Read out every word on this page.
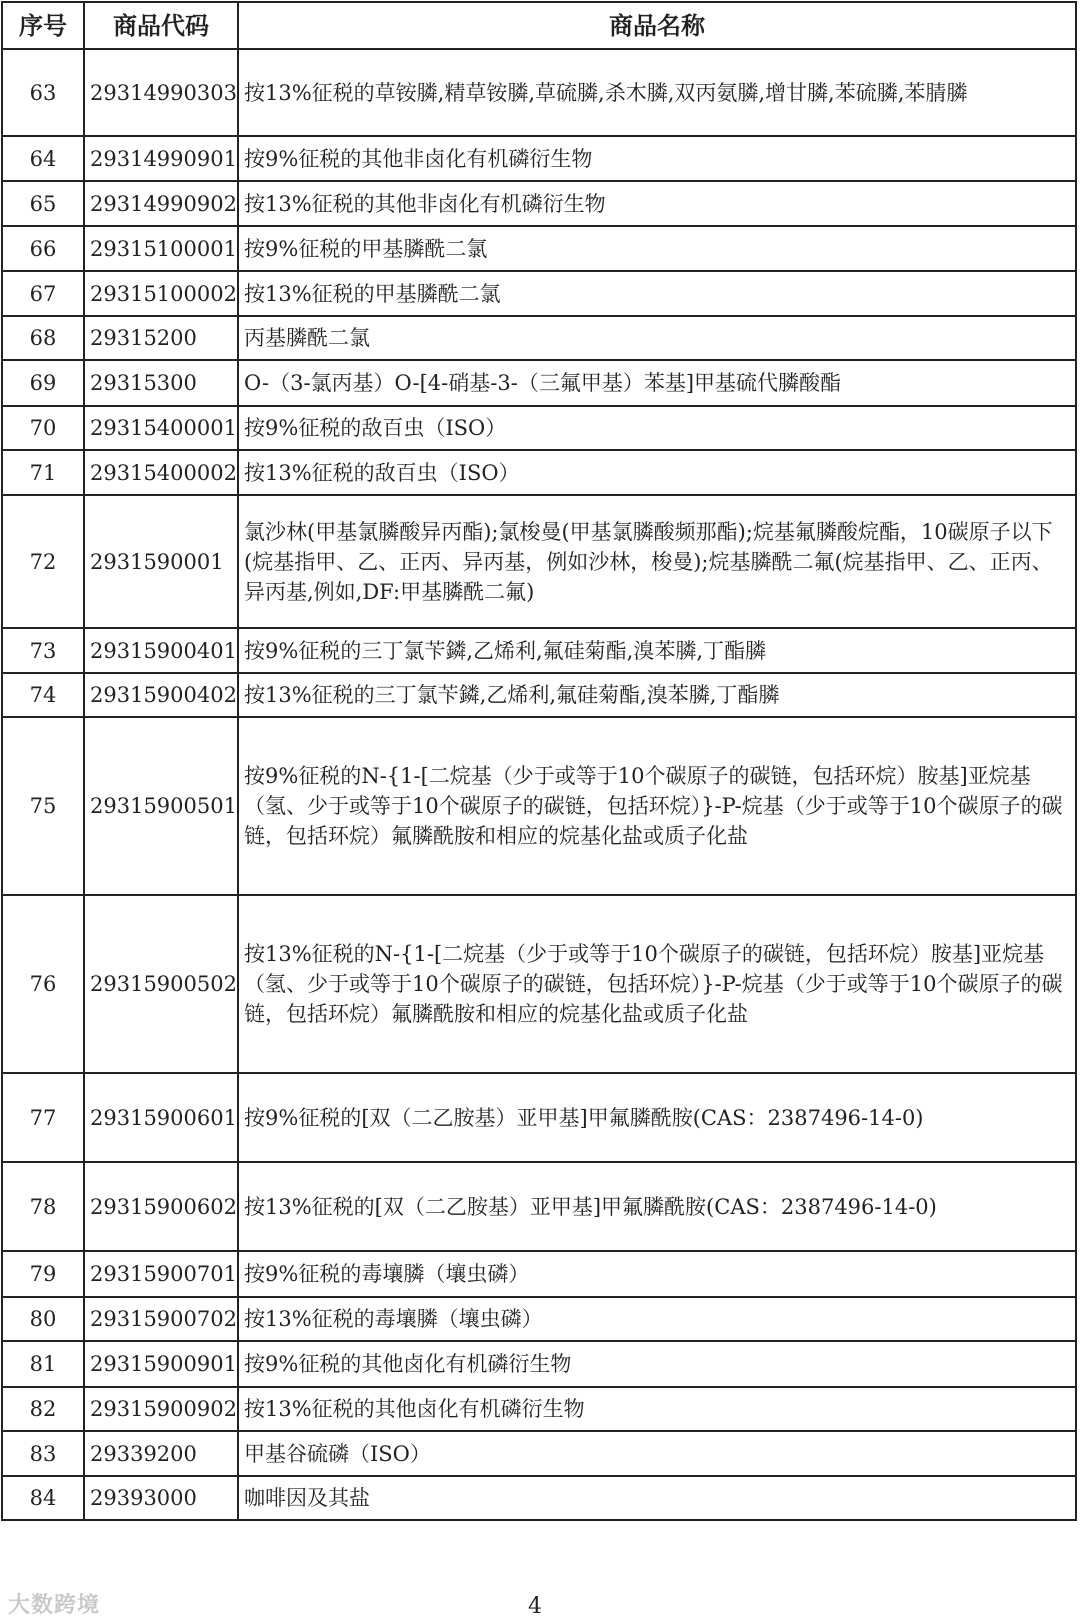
序号	商品代码	商品名称
63	29314990303	按13%征税的草铵膦,精草铵膦,草硫膦,杀木膦,双丙氨膦,增甘膦,苯硫膦,苯腈膦
64	29314990901	按9%征税的其他非卤化有机磷衍生物
65	29314990902	按13%征税的其他非卤化有机磷衍生物
66	29315100001	按9%征税的甲基膦酰二氯
67	29315100002	按13%征税的甲基膦酰二氯
68	29315200	丙基膦酰二氯
69	29315300	O-（3-氯丙基）O-[4-硝基-3-（三氟甲基）苯基]甲基硫代膦酸酯
70	29315400001	按9%征税的敌百虫（ISO）
71	29315400002	按13%征税的敌百虫（ISO）
72	2931590001	氯沙林(甲基氯膦酸异丙酯);氯梭曼(甲基氯膦酸频那酯);烷基氟膦酸烷酯，10碳原子以下(烷基指甲、乙、正丙、异丙基，例如沙林，梭曼);烷基膦酰二氟(烷基指甲、乙、正丙、异丙基,例如,DF:甲基膦酰二氟)
73	29315900401	按9%征税的三丁氯苄鏻,乙烯利,氟硅菊酯,溴苯膦,丁酯膦
74	29315900402	按13%征税的三丁氯苄鏻,乙烯利,氟硅菊酯,溴苯膦,丁酯膦
75	29315900501	按9%征税的N-{1-[二烷基（少于或等于10个碳原子的碳链，包括环烷）胺基]亚烷基（氢、少于或等于10个碳原子的碳链，包括环烷）}-P-烷基（少于或等于10个碳原子的碳链，包括环烷）氟膦酰胺和相应的烷基化盐或质子化盐
76	29315900502	按13%征税的N-{1-[二烷基（少于或等于10个碳原子的碳链，包括环烷）胺基]亚烷基（氢、少于或等于10个碳原子的碳链，包括环烷）}-P-烷基（少于或等于10个碳原子的碳链，包括环烷）氟膦酰胺和相应的烷基化盐或质子化盐
77	29315900601	按9%征税的[双（二乙胺基）亚甲基]甲氟膦酰胺(CAS：2387496-14-0)
78	29315900602	按13%征税的[双（二乙胺基）亚甲基]甲氟膦酰胺(CAS：2387496-14-0)
79	29315900701	按9%征税的毒壤膦（壤虫磷）
80	29315900702	按13%征税的毒壤膦（壤虫磷）
81	29315900901	按9%征税的其他卤化有机磷衍生物
82	29315900902	按13%征税的其他卤化有机磷衍生物
83	29339200	甲基谷硫磷（ISO）
84	29393000	咖啡因及其盐
大数跨境	4
